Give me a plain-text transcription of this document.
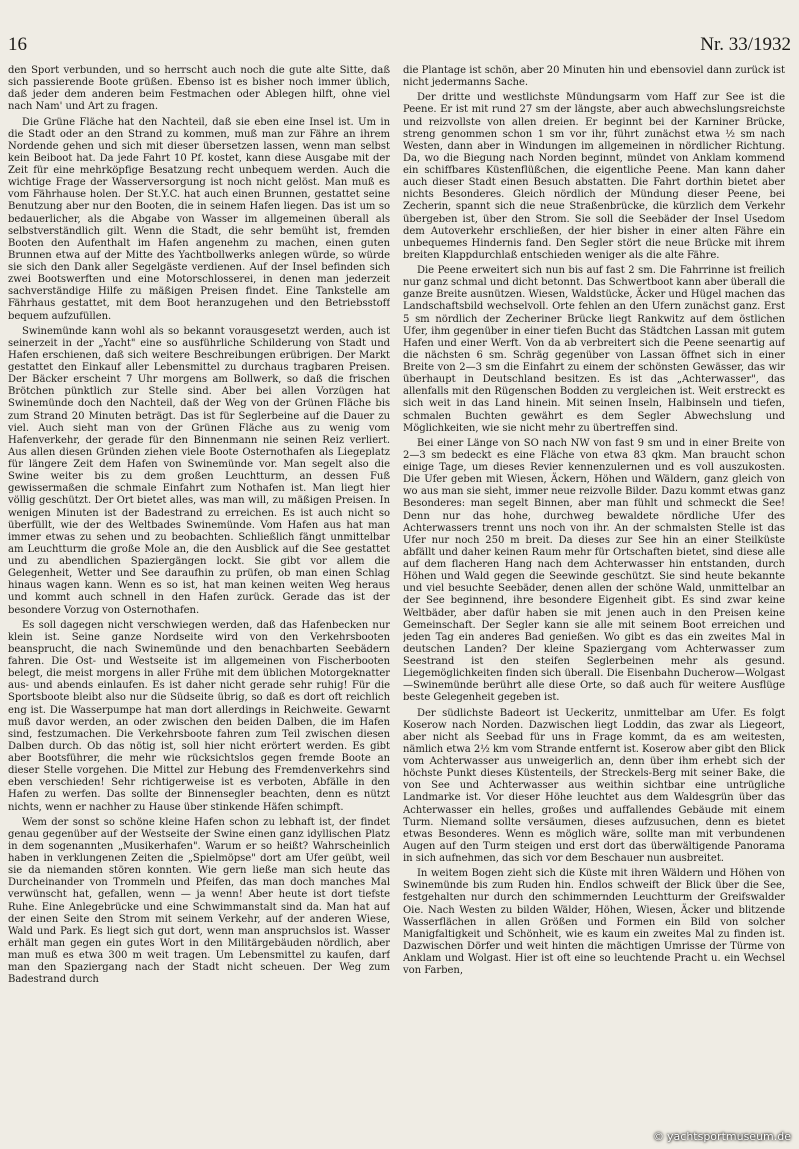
16	Nr. 33/1932

den Sport verbunden, und so herrscht auch noch die gute alte Sitte, daß sich passierende Boote grüßen. Ebenso ist es bisher noch immer üblich, daß jeder dem anderen beim Festmachen oder Ablegen hilft, ohne viel nach Nam' und Art zu fragen.

Die Grüne Fläche hat den Nachteil, daß sie eben eine Insel ist. Um in die Stadt oder an den Strand zu kommen, muß man zur Fähre an ihrem Nordende gehen und sich mit dieser übersetzen lassen, wenn man selbst kein Beiboot hat. Da jede Fahrt 10 Pf. kostet, kann diese Ausgabe mit der Zeit für eine mehrköpfige Besatzung recht unbequem werden. Auch die wichtige Frage der Wasserversorgung ist noch nicht gelöst. Man muß es vom Fährhause holen. Der St.Y.C. hat auch einen Brunnen, gestattet seine Benutzung aber nur den Booten, die in seinem Hafen liegen. Das ist um so bedauerlicher, als die Abgabe von Wasser im allgemeinen überall als selbstverständlich gilt. Wenn die Stadt, die sehr bemüht ist, fremden Booten den Aufenthalt im Hafen angenehm zu machen, einen guten Brunnen etwa auf der Mitte des Yachtbollwerks anlegen würde, so würde sie sich den Dank aller Segelgäste verdienen. Auf der Insel befinden sich zwei Bootswerften und eine Motorschlosserei, in denen man jederzeit sachverständige Hilfe zu mäßigen Preisen findet. Eine Tankstelle am Fährhaus gestattet, mit dem Boot heranzugehen und den Betriebsstoff bequem aufzufüllen.

Swinemünde kann wohl als so bekannt vorausgesetzt werden, auch ist seinerzeit in der „Yacht" eine so ausführliche Schilderung von Stadt und Hafen erschienen, daß sich weitere Beschreibungen erübrigen. Der Markt gestattet den Einkauf aller Lebensmittel zu durchaus tragbaren Preisen. Der Bäcker erscheint 7 Uhr morgens am Bollwerk, so daß die frischen Brötchen pünktlich zur Stelle sind. Aber bei allen Vorzügen hat Swinemünde doch den Nachteil, daß der Weg von der Grünen Fläche bis zum Strand 20 Minuten beträgt. Das ist für Seglerbeine auf die Dauer zu viel. Auch sieht man von der Grünen Fläche aus zu wenig vom Hafenverkehr, der gerade für den Binnenmann nie seinen Reiz verliert. Aus allen diesen Gründen ziehen viele Boote Osternothafen als Liegeplatz für längere Zeit dem Hafen von Swinemünde vor. Man segelt also die Swine weiter bis zu dem großen Leuchtturm, an dessen Fuß gewissermaßen die schmale Einfahrt zum Nothafen ist. Man liegt hier völlig geschützt. Der Ort bietet alles, was man will, zu mäßigen Preisen. In wenigen Minuten ist der Badestrand zu erreichen. Es ist auch nicht so überfüllt, wie der des Weltbades Swinemünde. Vom Hafen aus hat man immer etwas zu sehen und zu beobachten. Schließlich fängt unmittelbar am Leuchtturm die große Mole an, die den Ausblick auf die See gestattet und zu abendlichen Spaziergängen lockt. Sie gibt vor allem die Gelegenheit, Wetter und See daraufhin zu prüfen, ob man einen Schlag hinaus wagen kann. Wenn es so ist, hat man keinen weiten Weg heraus und kommt auch schnell in den Hafen zurück. Gerade das ist der besondere Vorzug von Osternothafen.

Es soll dagegen nicht verschwiegen werden, daß das Hafenbecken nur klein ist. Seine ganze Nordseite wird von den Verkehrsbooten beansprucht, die nach Swinemünde und den benachbarten Seebädern fahren. Die Ost- und Westseite ist im allgemeinen von Fischerbooten belegt, die meist morgens in aller Frühe mit dem üblichen Motorgeknatter aus- und abends einlaufen. Es ist daher nicht gerade sehr ruhig! Für die Sportsboote bleibt also nur die Südseite übrig, so daß es dort oft reichlich eng ist. Die Wasserpumpe hat man dort allerdings in Reichweite. Gewarnt muß davor werden, an oder zwischen den beiden Dalben, die im Hafen sind, festzumachen. Die Verkehrsboote fahren zum Teil zwischen diesen Dalben durch. Ob das nötig ist, soll hier nicht erörtert werden. Es gibt aber Bootsführer, die mehr wie rücksichtslos gegen fremde Boote an dieser Stelle vorgehen. Die Mittel zur Hebung des Fremdenverkehrs sind eben verschieden! Sehr richtigerweise ist es verboten, Abfälle in den Hafen zu werfen. Das sollte der Binnensegler beachten, denn es nützt nichts, wenn er nachher zu Hause über stinkende Häfen schimpft.

Wem der sonst so schöne kleine Hafen schon zu lebhaft ist, der findet genau gegenüber auf der Westseite der Swine einen ganz idyllischen Platz in dem sogenannten „Musikerhafen". Warum er so heißt? Wahrscheinlich haben in verklungenen Zeiten die „Spielmöpse" dort am Ufer geübt, weil sie da niemanden stören konnten. Wie gern ließe man sich heute das Durcheinander von Trommeln und Pfeifen, das man doch manches Mal verwünscht hat, gefallen, wenn — ja wenn! Aber heute ist dort tiefste Ruhe. Eine Anlegebrücke und eine Schwimmanstalt sind da. Man hat auf der einen Seite den Strom mit seinem Verkehr, auf der anderen Wiese, Wald und Park. Es liegt sich gut dort, wenn man anspruchslos ist. Wasser erhält man gegen ein gutes Wort in den Militärgebäuden nördlich, aber man muß es etwa 300 m weit tragen. Um Lebensmittel zu kaufen, darf man den Spaziergang nach der Stadt nicht scheuen. Der Weg zum Badestrand durch

die Plantage ist schön, aber 20 Minuten hin und ebensoviel dann zurück ist nicht jedermanns Sache.

Der dritte und westlichste Mündungsarm vom Haff zur See ist die Peene. Er ist mit rund 27 sm der längste, aber auch abwechslungsreichste und reizvollste von allen dreien. Er beginnt bei der Karniner Brücke, streng genommen schon 1 sm vor ihr, führt zunächst etwa ½ sm nach Westen, dann aber in Windungen im allgemeinen in nördlicher Richtung. Da, wo die Biegung nach Norden beginnt, mündet von Anklam kommend ein schiffbares Küstenflüßchen, die eigentliche Peene. Man kann daher auch dieser Stadt einen Besuch abstatten. Die Fahrt dorthin bietet aber nichts Besonderes. Gleich nördlich der Mündung dieser Peene, bei Zecherin, spannt sich die neue Straßenbrücke, die kürzlich dem Verkehr übergeben ist, über den Strom. Sie soll die Seebäder der Insel Usedom dem Autoverkehr erschließen, der hier bisher in einer alten Fähre ein unbequemes Hindernis fand. Den Segler stört die neue Brücke mit ihrem breiten Klappdurchlaß entschieden weniger als die alte Fähre.

Die Peene erweitert sich nun bis auf fast 2 sm. Die Fahrrinne ist freilich nur ganz schmal und dicht betonnt. Das Schwertboot kann aber überall die ganze Breite ausnützen. Wiesen, Waldstücke, Äcker und Hügel machen das Landschaftsbild wechselvoll. Orte fehlen an den Ufern zunächst ganz. Erst 5 sm nördlich der Zecheriner Brücke liegt Rankwitz auf dem östlichen Ufer, ihm gegenüber in einer tiefen Bucht das Städtchen Lassan mit gutem Hafen und einer Werft. Von da ab verbreitert sich die Peene seenartig auf die nächsten 6 sm. Schräg gegenüber von Lassan öffnet sich in einer Breite von 2—3 sm die Einfahrt zu einem der schönsten Gewässer, das wir überhaupt in Deutschland besitzen. Es ist das „Achterwasser", das allenfalls mit den Rügenschen Bodden zu vergleichen ist. Weit erstreckt es sich weit in das Land hinein. Mit seinen Inseln, Halbinseln und tiefen, schmalen Buchten gewährt es dem Segler Abwechslung und Möglichkeiten, wie sie nicht mehr zu übertreffen sind.

Bei einer Länge von SO nach NW von fast 9 sm und in einer Breite von 2—3 sm bedeckt es eine Fläche von etwa 83 qkm. Man braucht schon einige Tage, um dieses Revier kennenzulernen und es voll auszukosten. Die Ufer geben mit Wiesen, Äckern, Höhen und Wäldern, ganz gleich von wo aus man sie sieht, immer neue reizvolle Bilder. Dazu kommt etwas ganz Besonderes: man segelt Binnen, aber man fühlt und schmeckt die See! Denn nur das hohe, durchweg bewaldete nördliche Ufer des Achterwassers trennt uns noch von ihr. An der schmalsten Stelle ist das Ufer nur noch 250 m breit. Da dieses zur See hin an einer Steilküste abfällt und daher keinen Raum mehr für Ortschaften bietet, sind diese alle auf dem flacheren Hang nach dem Achterwasser hin entstanden, durch Höhen und Wald gegen die Seewinde geschützt. Sie sind heute bekannte und viel besuchte Seebäder, denen allen der schöne Wald, unmittelbar an der See beginnend, ihre besondere Eigenheit gibt. Es sind zwar keine Weltbäder, aber dafür haben sie mit jenen auch in den Preisen keine Gemeinschaft. Der Segler kann sie alle mit seinem Boot erreichen und jeden Tag ein anderes Bad genießen. Wo gibt es das ein zweites Mal in deutschen Landen? Der kleine Spaziergang vom Achterwasser zum Seestrand ist den steifen Seglerbeinen mehr als gesund. Liegemöglichkeiten finden sich überall. Die Eisenbahn Ducherow—Wolgast—Swinemünde berührt alle diese Orte, so daß auch für weitere Ausflüge beste Gelegenheit gegeben ist.

Der südlichste Badeort ist Ueckeritz, unmittelbar am Ufer. Es folgt Koserow nach Norden. Dazwischen liegt Loddin, das zwar als Liegeort, aber nicht als Seebad für uns in Frage kommt, da es am weitesten, nämlich etwa 2½ km vom Strande entfernt ist. Koserow aber gibt den Blick vom Achterwasser aus unweigerlich an, denn über ihm erhebt sich der höchste Punkt dieses Küstenteils, der Streckels-Berg mit seiner Bake, die von See und Achterwasser aus weithin sichtbar eine untrügliche Landmarke ist. Vor dieser Höhe leuchtet aus dem Waldesgrün über das Achterwasser ein helles, großes und auffallendes Gebäude mit einem Turm. Niemand sollte versäumen, dieses aufzusuchen, denn es bietet etwas Besonderes. Wenn es möglich wäre, sollte man mit verbundenen Augen auf den Turm steigen und erst dort das überwältigende Panorama in sich aufnehmen, das sich vor dem Beschauer nun ausbreitet.

In weitem Bogen zieht sich die Küste mit ihren Wäldern und Höhen von Swinemünde bis zum Ruden hin. Endlos schweift der Blick über die See, festgehalten nur durch den schimmernden Leuchtturm der Greifswalder Oie. Nach Westen zu bilden Wälder, Höhen, Wiesen, Äcker und blitzende Wasserflächen in allen Größen und Formen ein Bild von solcher Manigfaltigkeit und Schönheit, wie es kaum ein zweites Mal zu finden ist. Dazwischen Dörfer und weit hinten die mächtigen Umrisse der Türme von Anklam und Wolgast. Hier ist oft eine so leuchtende Pracht u. ein Wechsel von Farben,

© yachtsportmuseum.de
